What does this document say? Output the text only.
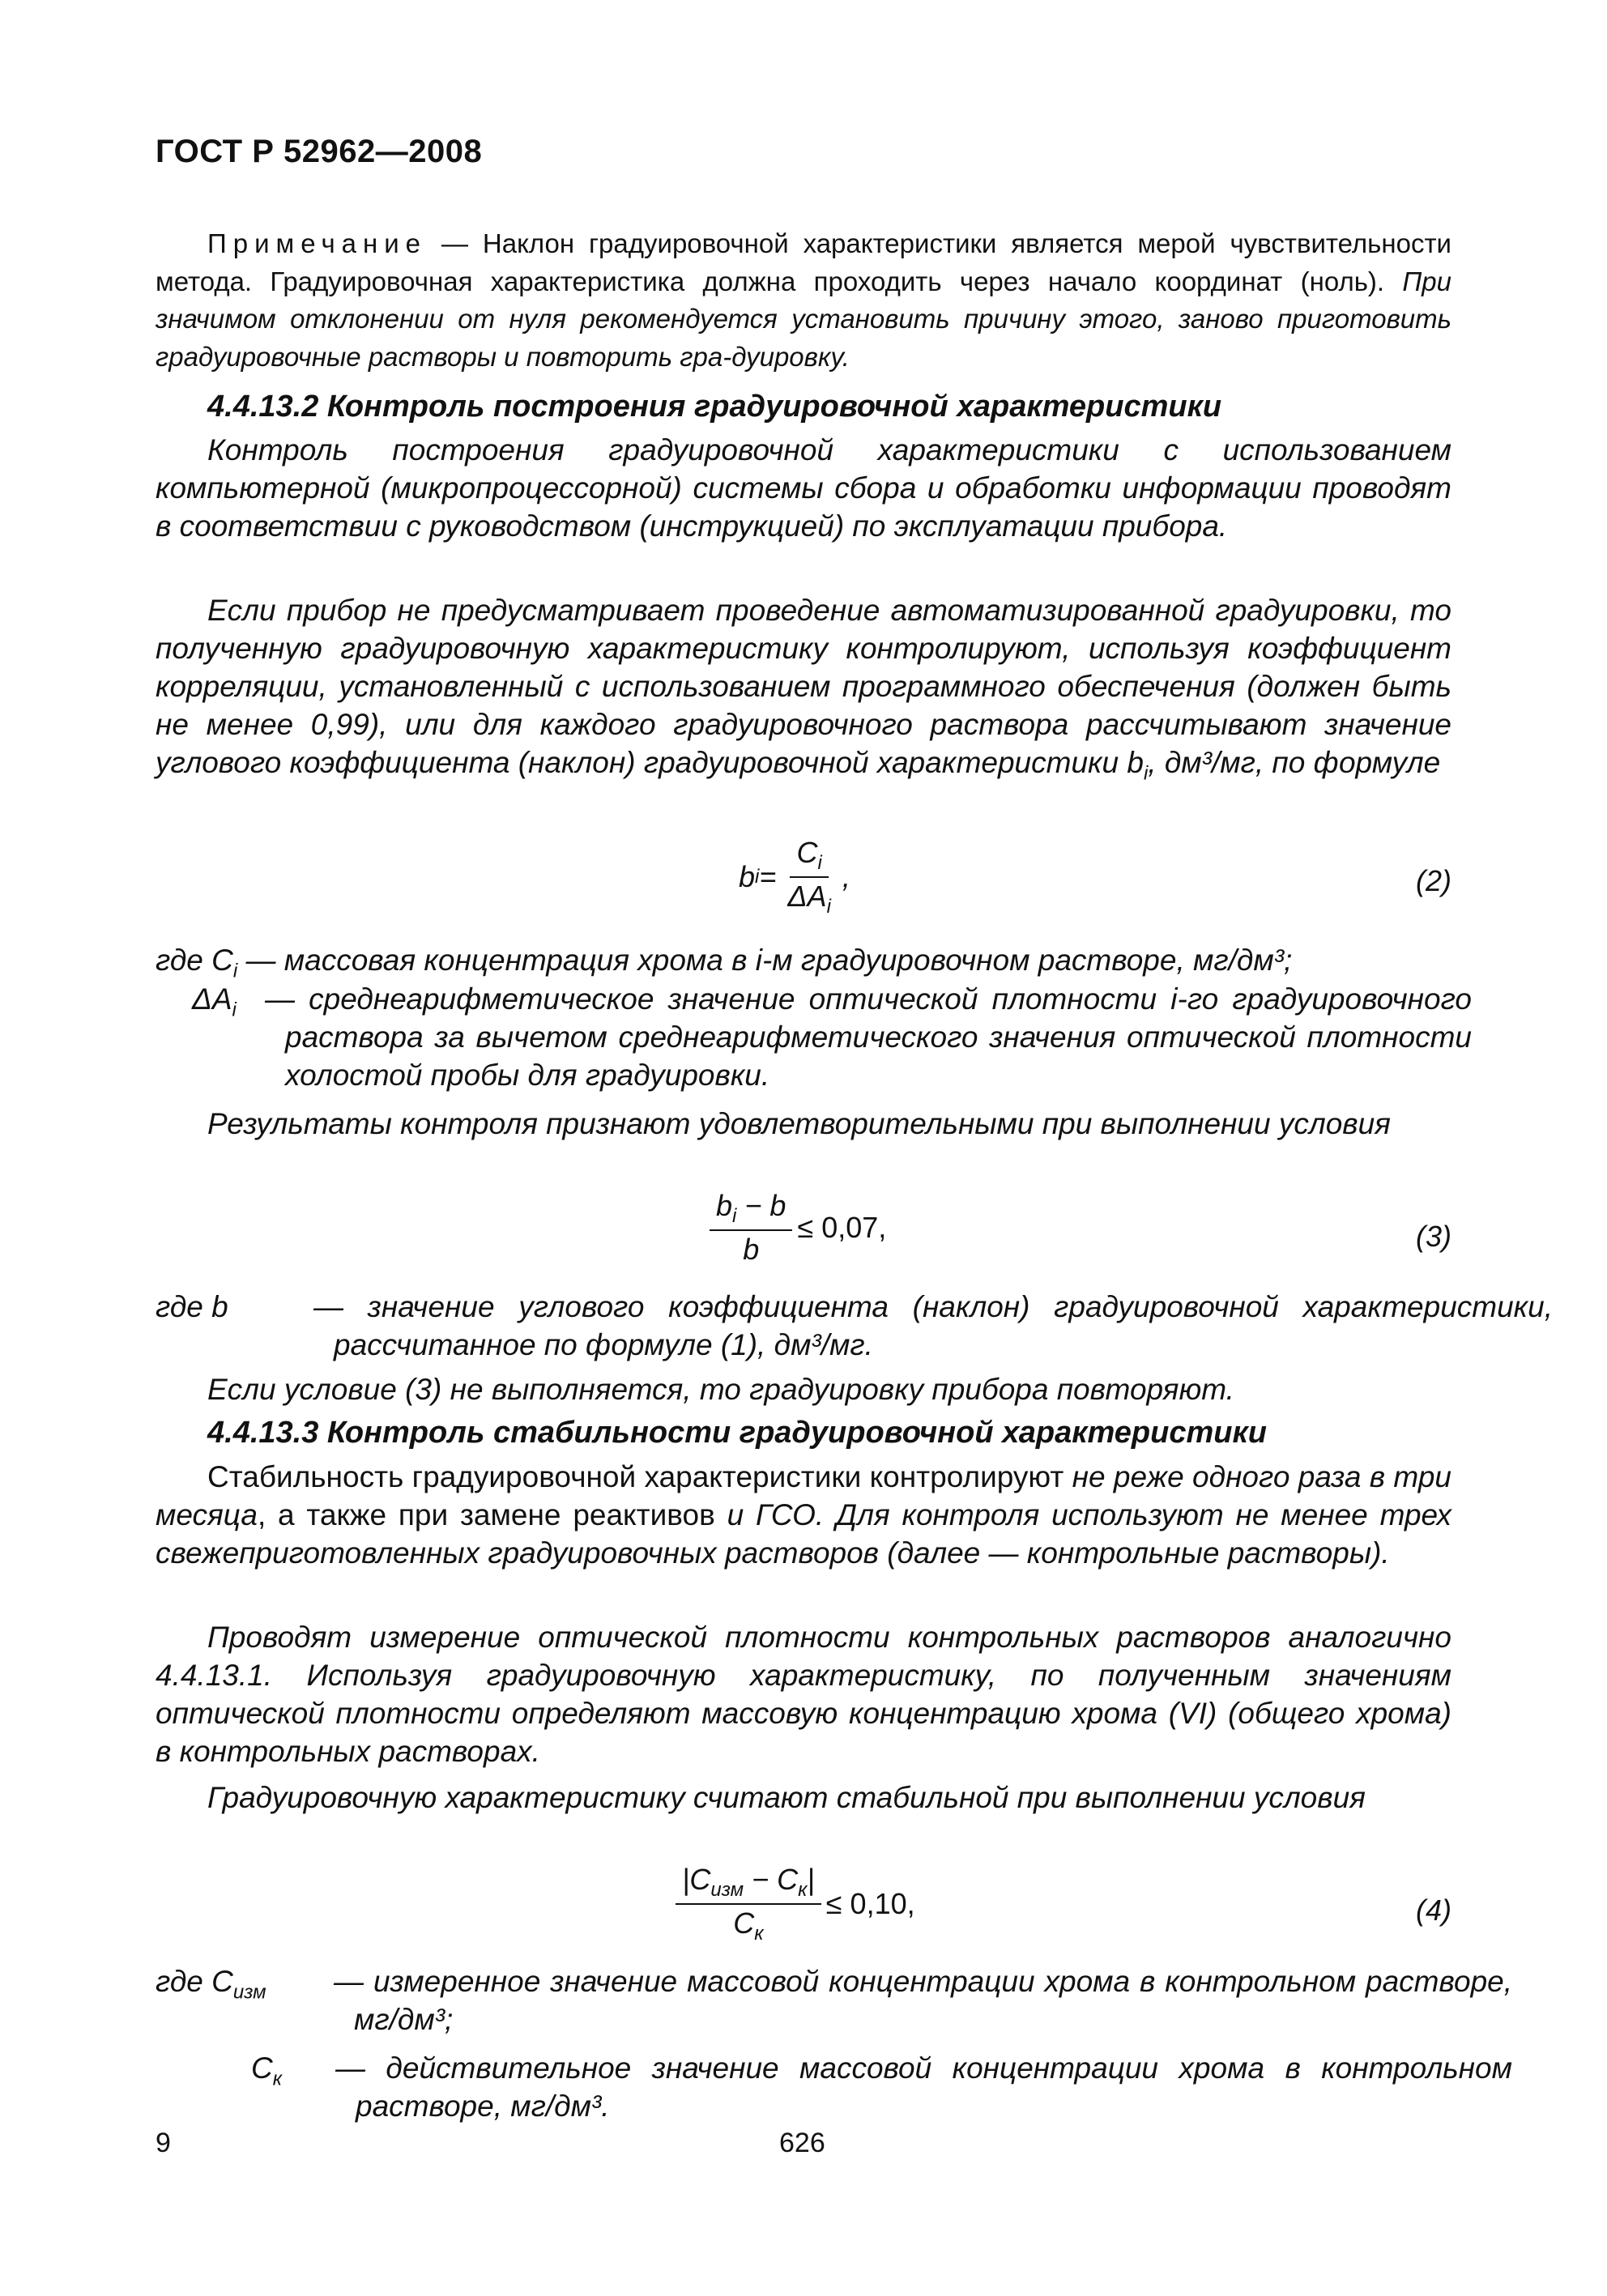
ГОСТ Р 52962—2008
Примечание — Наклон градуировочной характеристики является мерой чувствительности метода. Градуировочная характеристика должна проходить через начало координат (ноль). При значимом отклонении от нуля рекомендуется установить причину этого, заново приготовить градуировочные растворы и повторить гра-дуировку.
4.4.13.2 Контроль построения градуировочной характеристики
Контроль построения градуировочной характеристики с использованием компьютерной (микропроцессорной) системы сбора и обработки информации проводят в соответствии с руководством (инструкцией) по эксплуатации прибора.
Если прибор не предусматривает проведение автоматизированной градуировки, то полученную градуировочную характеристику контролируют, используя коэффициент корреляции, установленный с использованием программного обеспечения (должен быть не менее 0,99), или для каждого градуировочного раствора рассчитывают значение углового коэффициента (наклон) градуировочной характеристики $b_i$, дм³/мг, по формуле
b $i = \frac{C_i}{\Delta A_i}$ ,	(2)
где $C_i$ — массовая концентрация хрома в i-м градуировочном растворе, мг/дм³;
$\Delta A_i$ — среднеарифметическое значение оптической плотности i-го градуировочного раствора за вычетом среднеарифметического значения оптической плотности холостой пробы для градуировки.
Результаты контроля признают удовлетворительными при выполнении условия
$\frac{b_i - b}{b} \le 0,07$,	(3)
где b	— значение углового коэффициента (наклон) градуировочной характеристики, рассчитанное по формуле (1), дм³/мг.
Если условие (3) не выполняется, то градуировку прибора повторяют.
4.4.13.3 Контроль стабильности градуировочной характеристики
Стабильность градуировочной характеристики контролируют не реже одного раза в три месяца, а также при замене реактивов и ГСО. Для контроля используют не менее трех свежеприготовленных градуировочных растворов (далее — контрольные растворы).
Проводят измерение оптической плотности контрольных растворов аналогично 4.4.13.1. Используя градуировочную характеристику, по полученным значениям оптической плотности определяют массовую концентрацию хрома (VI) (общего хрома) в контрольных растворах.
Градуировочную характеристику считают стабильной при выполнении условия
$\frac{|C_{изм} - C_к|}{C_к} \le 0,10$,	(4)
где $C_{изм}$	— измеренное значение массовой концентрации хрома в контрольном растворе, мг/дм³;
$C_к$	— действительное значение массовой концентрации хрома в контрольном растворе, мг/дм³.
9	626
